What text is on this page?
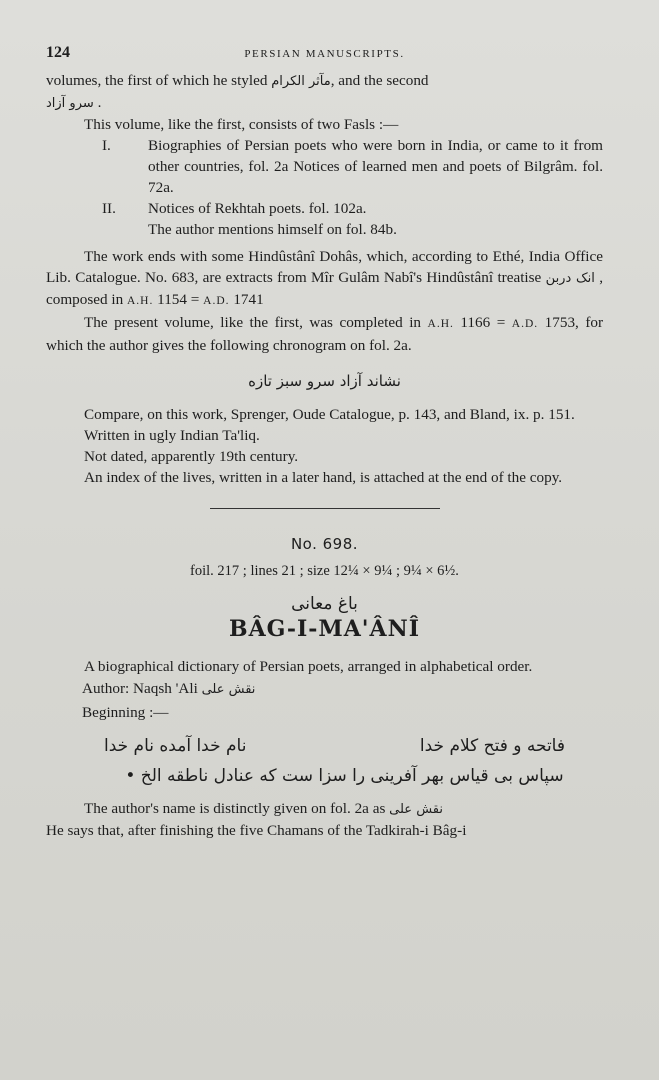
124	PERSIAN MANUSCRIPTS.

volumes, the first of which he styled مآثر الکرام, and the second
سرو آزاد .

This volume, like the first, consists of two Fasls :—

I. Biographies of Persian poets who were born in India, or came to it from other countries, fol. 2a Notices of learned men and poets of Bilgrâm. fol. 72a.
II. Notices of Rekhtah poets. fol. 102a.
The author mentions himself on fol. 84b.

The work ends with some Hindûstânî Dohâs, which, according to Ethé, India Office Lib. Catalogue. No. 683, are extracts from Mîr Gulâm Nabî's Hindûstânî treatise انک دربن , composed in A.H. 1154 = A.D. 1741

The present volume, like the first, was completed in A.H. 1166 = A.D. 1753, for which the author gives the following chronogram on fol. 2a.

نشاند آزاد سرو سبز تازه

Compare, on this work, Sprenger, Oude Catalogue, p. 143, and Bland, ix. p. 151.

Written in ugly Indian Ta'liq.

Not dated, apparently 19th century.

An index of the lives, written in a later hand, is attached at the end of the copy.

No. 698.
foil. 217 ; lines 21 ; size 12¼ × 9¼ ; 9¼ × 6½.
باغ معانی
BÂG-I-MA'ÂNÎ

A biographical dictionary of Persian poets, arranged in alphabetical order.

Author: Naqsh 'Ali نقش علی
Beginning :—
فاتحه و فتح کلام خدا
نام خدا آمده نام خدا
سپاس بی قیاس بهر آفرینی را سزا ست که عنادل ناطقه الخ •

The author's name is distinctly given on fol. 2a as نقش علی
He says that, after finishing the five Chamans of the Tadkirah-i Bâg-i
